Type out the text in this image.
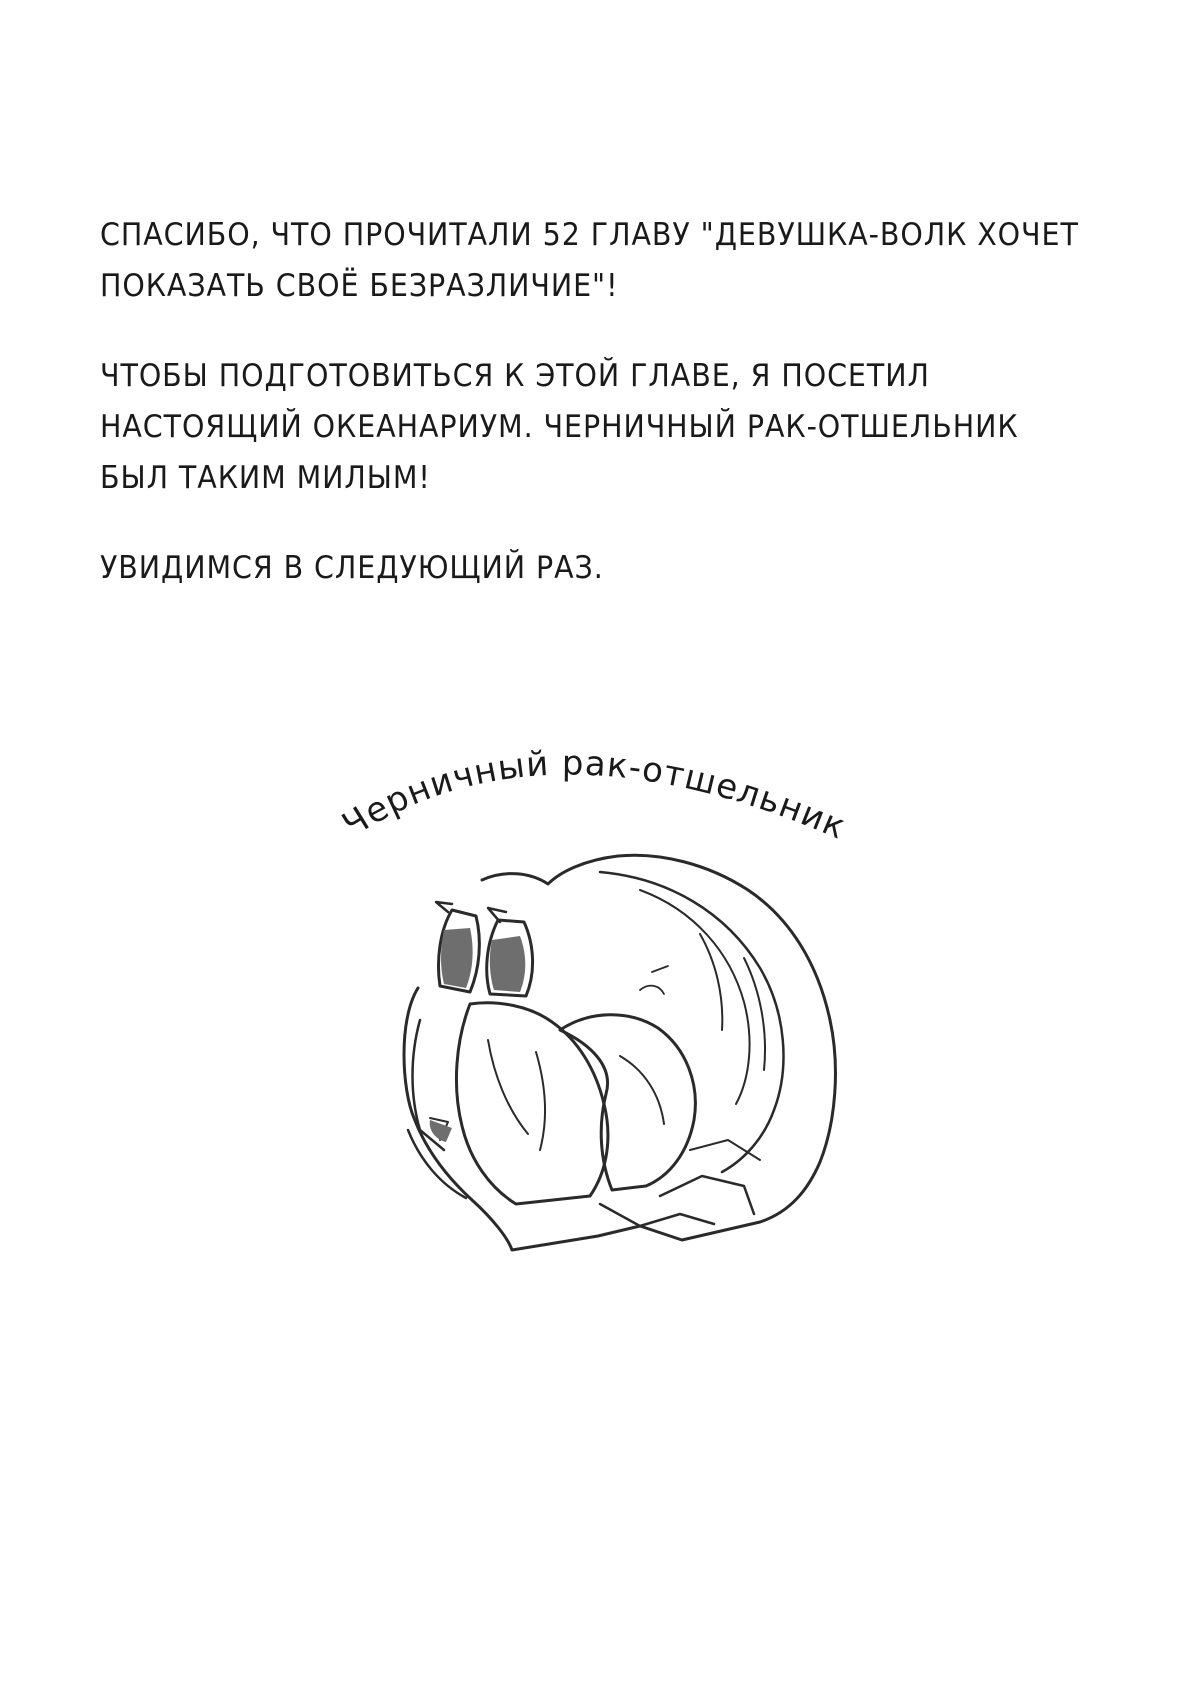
СПАСИБО, ЧТО ПРОЧИТАЛИ 52 ГЛАВУ "ДЕВУШКА-ВОЛК ХОЧЕТ
ПОКАЗАТЬ СВОЁ БЕЗРАЗЛИЧИЕ"!
ЧТОБЫ ПОДГОТОВИТЬСЯ К ЭТОЙ ГЛАВЕ, Я ПОСЕТИЛ
НАСТОЯЩИЙ ОКЕАНАРИУМ. ЧЕРНИЧНЫЙ РАК-ОТШЕЛЬНИК
БЫЛ ТАКИМ МИЛЫМ!
УВИДИМСЯ В СЛЕДУЮЩИЙ РАЗ.
Черничный рак-отшельник
